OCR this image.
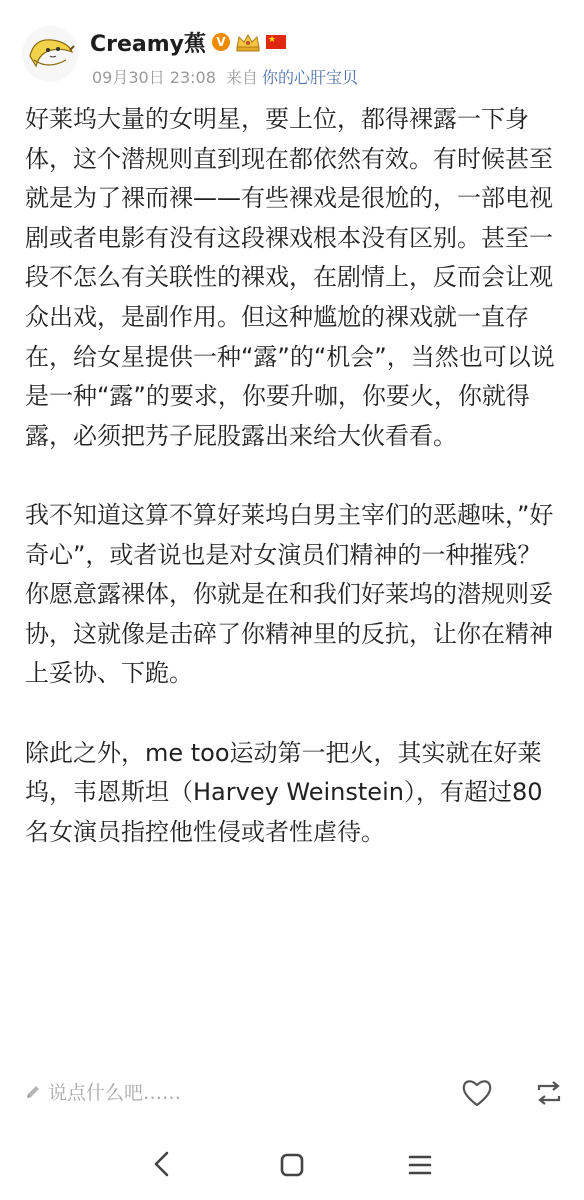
Creamy蕉 V	★
09月30日 23:08 来自 你的心肝宝贝

好莱坞大量的女明星，要上位，都得裸露一下身体，这个潜规则直到现在都依然有效。有时候甚至就是为了裸而裸——有些裸戏是很尬的，一部电视剧或者电影有没有这段裸戏根本没有区别。甚至一段不怎么有关联性的裸戏，在剧情上，反而会让观众出戏，是副作用。但这种尴尬的裸戏就一直存在，给女星提供一种“露”的“机会”，当然也可以说是一种“露”的要求，你要升咖，你要火，你就得露，必须把艿子屁股露出来给大伙看看。

我不知道这算不算好莱坞白男主宰们的恶趣味，”好奇心”，或者说也是对女演员们精神的一种摧残？你愿意露裸体，你就是在和我们好莱坞的潜规则妥协，这就像是击碎了你精神里的反抗，让你在精神上妥协、下跪。

除此之外，me too运动第一把火，其实就在好莱坞，韦恩斯坦（Harvey Weinstein），有超过80名女演员指控他性侵或者性虐待。

说点什么吧……
